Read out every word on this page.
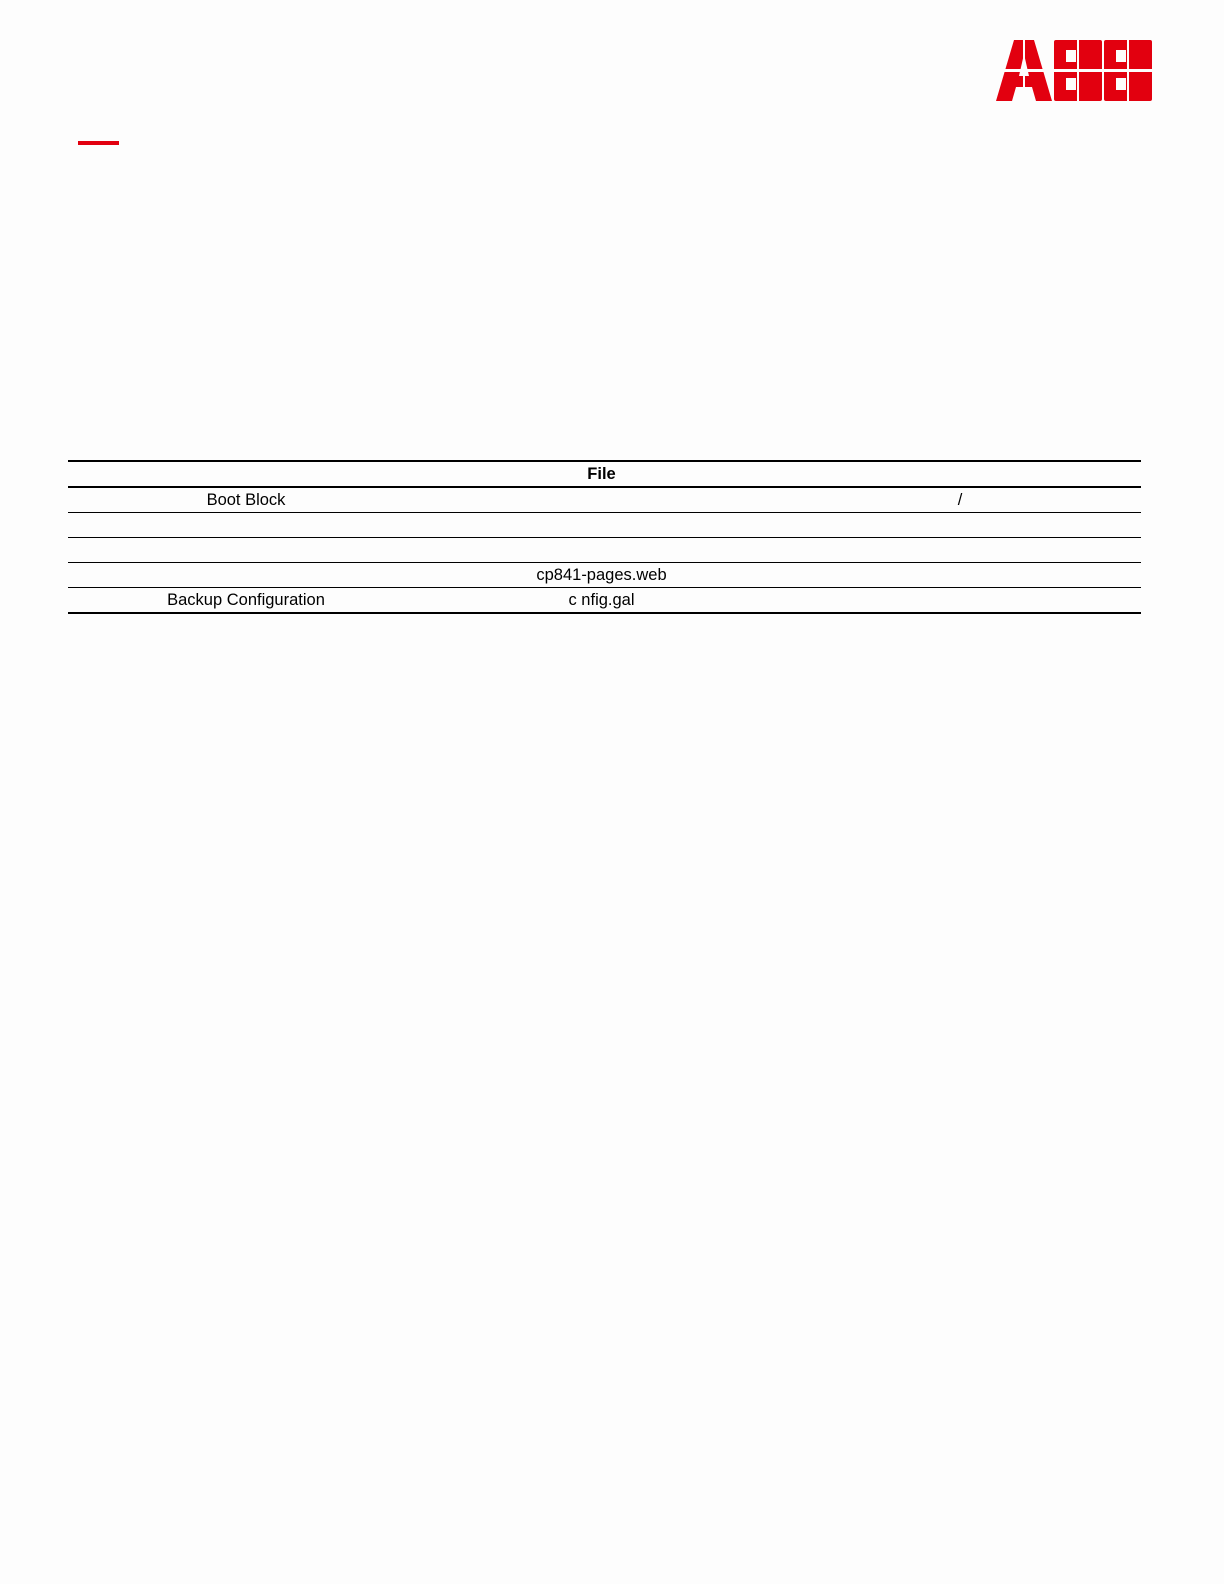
	File	
Boot Block		/

	cp841-pages.web	
Backup Configuration	c nfig.gal	
